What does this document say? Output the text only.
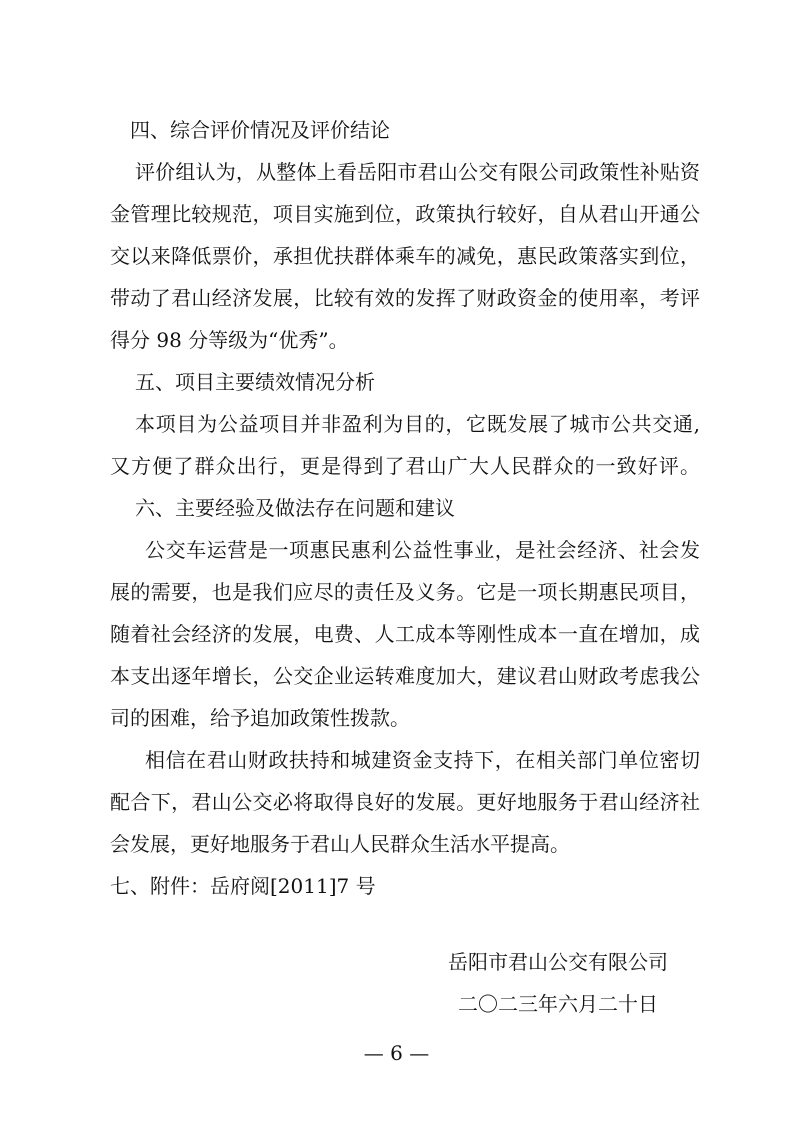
四、综合评价情况及评价结论
评价组认为，从整体上看岳阳市君山公交有限公司政策性补贴资
金管理比较规范，项目实施到位，政策执行较好，自从君山开通公
交以来降低票价，承担优扶群体乘车的减免，惠民政策落实到位，
带动了君山经济发展，比较有效的发挥了财政资金的使用率，考评
得分 98 分等级为“优秀”。
五、项目主要绩效情况分析
本项目为公益项目并非盈利为目的，它既发展了城市公共交通,
又方便了群众出行，更是得到了君山广大人民群众的一致好评。
六、主要经验及做法存在问题和建议
公交车运营是一项惠民惠利公益性事业，是社会经济、社会发
展的需要，也是我们应尽的责任及义务。它是一项长期惠民项目，
随着社会经济的发展，电费、人工成本等刚性成本一直在增加，成
本支出逐年增长，公交企业运转难度加大，建议君山财政考虑我公
司的困难，给予追加政策性拨款。
相信在君山财政扶持和城建资金支持下，在相关部门单位密切
配合下，君山公交必将取得良好的发展。更好地服务于君山经济社
会发展，更好地服务于君山人民群众生活水平提高。
七、附件：岳府阅[2011]7 号
岳阳市君山公交有限公司
二〇二三年六月二十日
— 6 —
